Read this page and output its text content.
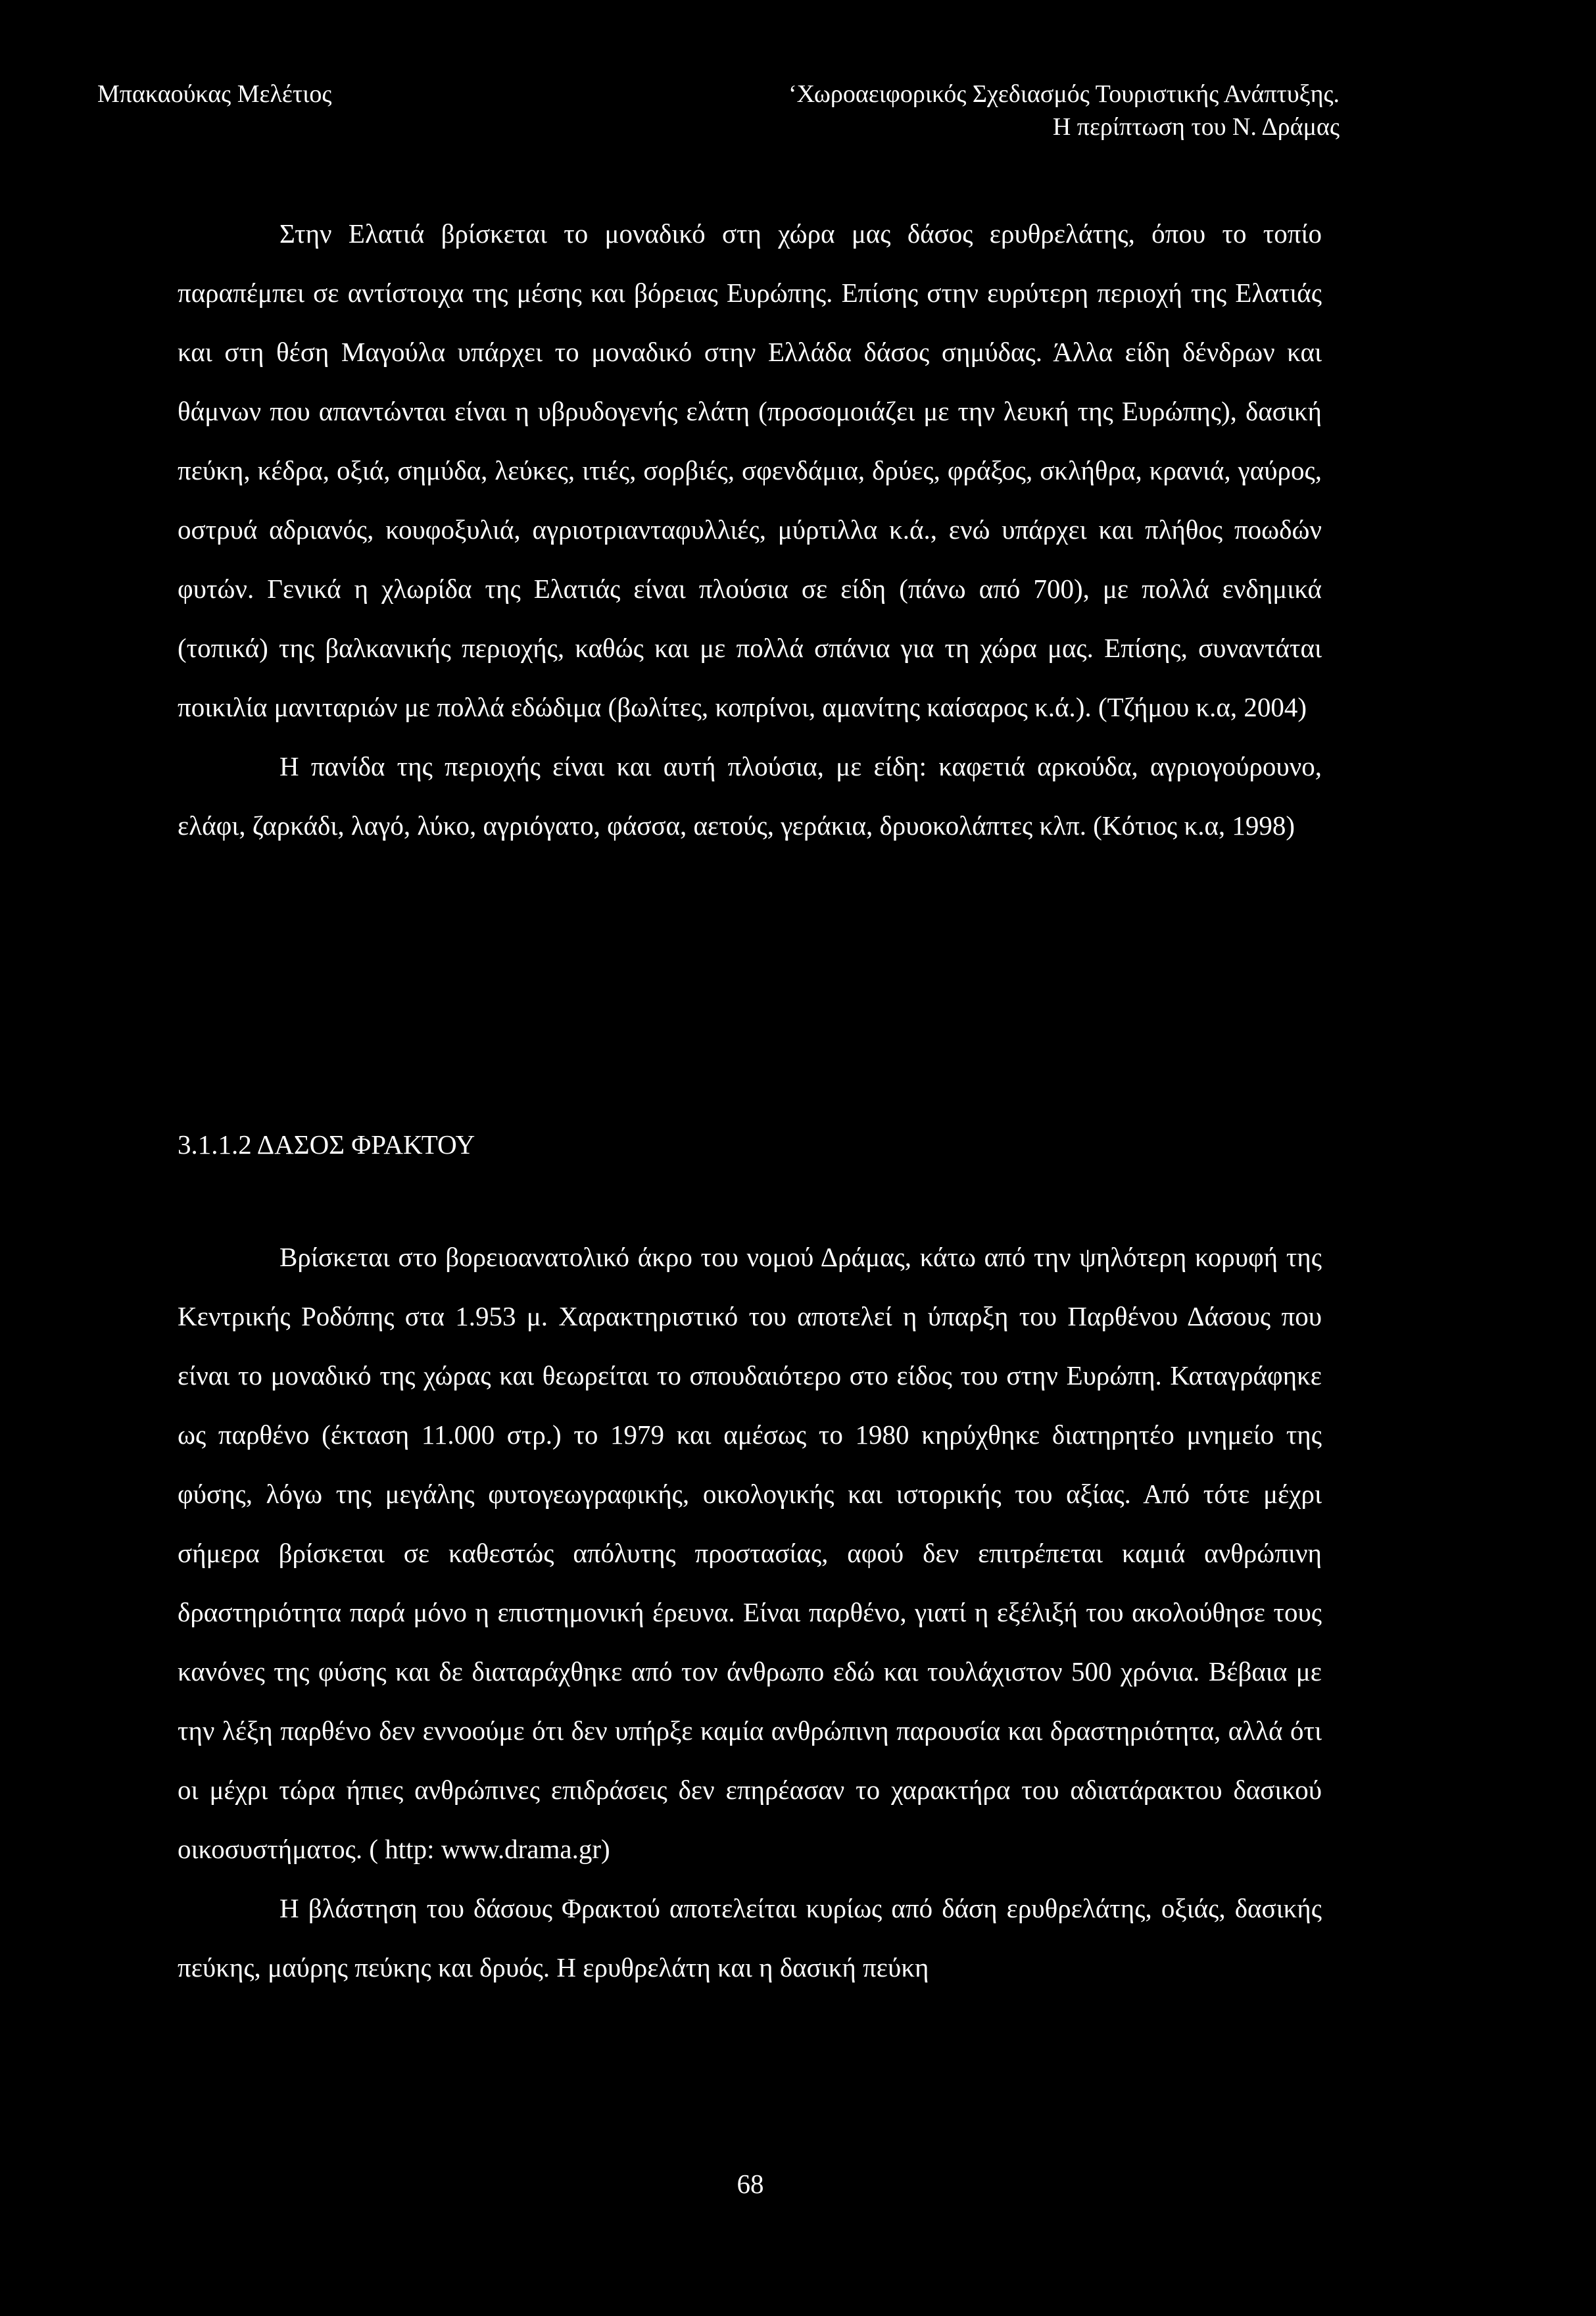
Μπακαούκας Μελέτιος	‘Χωροαειφορικός Σχεδιασμός Τουριστικής Ανάπτυξης.
Η περίπτωση του Ν. Δράμας

Στην Ελατιά βρίσκεται το μοναδικό στη χώρα μας δάσος ερυθρελάτης, όπου το τοπίο παραπέμπει σε αντίστοιχα της μέσης και βόρειας Ευρώπης. Επίσης στην ευρύτερη περιοχή της Ελατιάς και στη θέση Μαγούλα υπάρχει το μοναδικό στην Ελλάδα δάσος σημύδας. Άλλα είδη δένδρων και θάμνων που απαντώνται είναι η υβρυδογενής ελάτη (προσομοιάζει με την λευκή της Ευρώπης), δασική πεύκη, κέδρα, οξιά, σημύδα, λεύκες, ιτιές, σορβιές, σφενδάμια, δρύες, φράξος, σκλήθρα, κρανιά, γαύρος, οστρυά αδριανός, κουφοξυλιά, αγριοτριανταφυλλιές, μύρτιλλα κ.ά., ενώ υπάρχει και πλήθος ποωδών φυτών. Γενικά η χλωρίδα της Ελατιάς είναι πλούσια σε είδη (πάνω από 700), με πολλά ενδημικά (τοπικά) της βαλκανικής περιοχής, καθώς και με πολλά σπάνια για τη χώρα μας. Επίσης, συναντάται ποικιλία μανιταριών με πολλά εδώδιμα (βωλίτες, κοπρίνοι, αμανίτης καίσαρος κ.ά.). (Τζήμου κ.α, 2004)

Η πανίδα της περιοχής είναι και αυτή πλούσια, με είδη: καφετιά αρκούδα, αγριογούρουνο, ελάφι, ζαρκάδι, λαγό, λύκο, αγριόγατο, φάσσα, αετούς, γεράκια, δρυοκολάπτες κλπ. (Κότιος κ.α, 1998)

3.1.1.2 ΔΑΣΟΣ ΦΡΑΚΤΟΥ

Βρίσκεται στο βορειοανατολικό άκρο του νομού Δράμας, κάτω από την ψηλότερη κορυφή της Κεντρικής Ροδόπης στα 1.953 μ. Χαρακτηριστικό του αποτελεί η ύπαρξη του Παρθένου Δάσους που είναι το μοναδικό της χώρας και θεωρείται το σπουδαιότερο στο είδος του στην Ευρώπη. Καταγράφηκε ως παρθένο (έκταση 11.000 στρ.) το 1979 και αμέσως το 1980 κηρύχθηκε διατηρητέο μνημείο της φύσης, λόγω της μεγάλης φυτογεωγραφικής, οικολογικής και ιστορικής του αξίας. Από τότε μέχρι σήμερα βρίσκεται σε καθεστώς απόλυτης προστασίας, αφού δεν επιτρέπεται καμιά ανθρώπινη δραστηριότητα παρά μόνο η επιστημονική έρευνα. Είναι παρθένο, γιατί η εξέλιξή του ακολούθησε τους κανόνες της φύσης και δε διαταράχθηκε από τον άνθρωπο εδώ και τουλάχιστον 500 χρόνια. Βέβαια με την λέξη παρθένο δεν εννοούμε ότι δεν υπήρξε καμία ανθρώπινη παρουσία και δραστηριότητα, αλλά ότι οι μέχρι τώρα ήπιες ανθρώπινες επιδράσεις δεν επηρέασαν το χαρακτήρα του αδιατάρακτου δασικού οικοσυστήματος. ( http: www.drama.gr)

Η βλάστηση του δάσους Φρακτού αποτελείται κυρίως από δάση ερυθρελάτης, οξιάς, δασικής πεύκης, μαύρης πεύκης και δρυός. Η ερυθρελάτη και η δασική πεύκη

68
